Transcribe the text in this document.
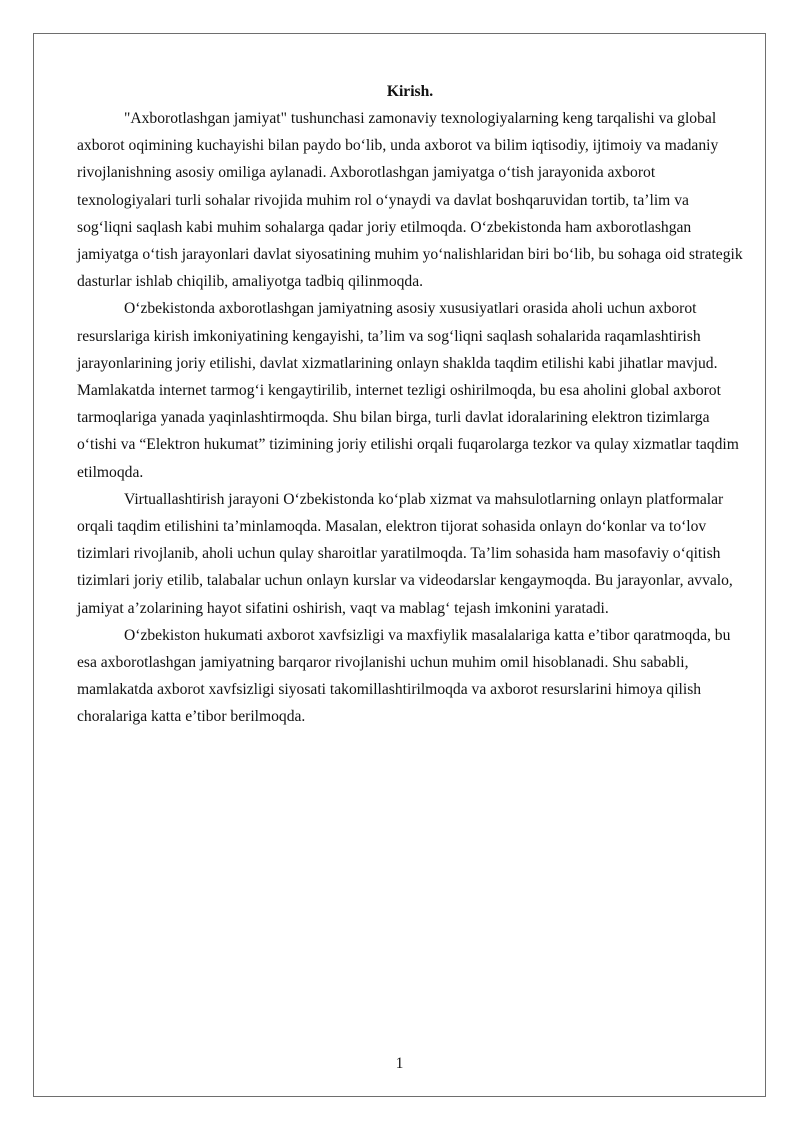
Kirish.

"Axborotlashgan jamiyat" tushunchasi zamonaviy texnologiyalarning keng tarqalishi va global axborot oqimining kuchayishi bilan paydo bo‘lib, unda axborot va bilim iqtisodiy, ijtimoiy va madaniy rivojlanishning asosiy omiliga aylanadi. Axborotlashgan jamiyatga o‘tish jarayonida axborot texnologiyalari turli sohalar rivojida muhim rol o‘ynaydi va davlat boshqaruvidan tortib, ta’lim va sog‘liqni saqlash kabi muhim sohalarga qadar joriy etilmoqda. O‘zbekistonda ham axborotlashgan jamiyatga o‘tish jarayonlari davlat siyosatining muhim yo‘nalishlaridan biri bo‘lib, bu sohaga oid strategik dasturlar ishlab chiqilib, amaliyotga tadbiq qilinmoqda.

O‘zbekistonda axborotlashgan jamiyatning asosiy xususiyatlari orasida aholi uchun axborot resurslariga kirish imkoniyatining kengayishi, ta’lim va sog‘liqni saqlash sohalarida raqamlashtirish jarayonlarining joriy etilishi, davlat xizmatlarining onlayn shaklda taqdim etilishi kabi jihatlar mavjud. Mamlakatda internet tarmog‘i kengaytirilib, internet tezligi oshirilmoqda, bu esa aholini global axborot tarmoqlariga yanada yaqinlashtirmoqda. Shu bilan birga, turli davlat idoralarining elektron tizimlarga o‘tishi va “Elektron hukumat” tizimining joriy etilishi orqali fuqarolarga tezkor va qulay xizmatlar taqdim etilmoqda.

Virtuallashtirish jarayoni O‘zbekistonda ko‘plab xizmat va mahsulotlarning onlayn platformalar orqali taqdim etilishini ta’minlamoqda. Masalan, elektron tijorat sohasida onlayn do‘konlar va to‘lov tizimlari rivojlanib, aholi uchun qulay sharoitlar yaratilmoqda. Ta’lim sohasida ham masofaviy o‘qitish tizimlari joriy etilib, talabalar uchun onlayn kurslar va videodarslar kengaymoqda. Bu jarayonlar, avvalo, jamiyat a’zolarining hayot sifatini oshirish, vaqt va mablag‘ tejash imkonini yaratadi.

O‘zbekiston hukumati axborot xavfsizligi va maxfiylik masalalariga katta e’tibor qaratmoqda, bu esa axborotlashgan jamiyatning barqaror rivojlanishi uchun muhim omil hisoblanadi. Shu sababli, mamlakatda axborot xavfsizligi siyosati takomillashtirilmoqda va axborot resurslarini himoya qilish choralariga katta e’tibor berilmoqda.

1
